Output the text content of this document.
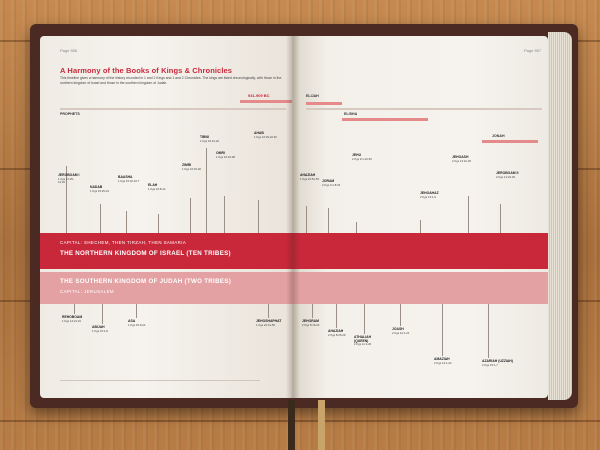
Page 556
A Harmony of the Books of Kings & Chronicles
This timeline gives a harmony of the history recorded in 1 and 2 Kings and 1 and 2 Chronicles. The kings are listed chronologically, with those in the northern kingdom of Israel and those in the southern kingdom of Judah.
931-909 BC
PROPHETS
JEROBOAM I
1 Kgs 12:25-14:20
NADAB
1 Kgs 15:25-31
BAASHA
1 Kgs 15:32-16:7
ELAH
1 Kgs 16:8-14
ZIMRI
1 Kgs 16:15-20
TIBNI
1 Kgs 16:21-22
OMRI
1 Kgs 16:23-28
AHAB
1 Kgs 16:29-22:40
CAPITAL: SHECHEM, THEN TIRZAH, THEN SAMARIA
THE NORTHERN KINGDOM OF ISRAEL (TEN TRIBES)
THE SOUTHERN KINGDOM OF JUDAH (TWO TRIBES)
CAPITAL: JERUSALEM
REHOBOAM
1 Kgs 14:21-31
ABIJAH
1 Kgs 15:1-8
ASA
1 Kgs 15:9-24
JEHOSHAPHAT
1 Kgs 22:41-50
Page 557
ELIJAH
ELISHA
JONAH
AHAZIAH
1 Kgs 22:51-53
JORAM
2 Kgs 3:1-8:15
JEHU
2 Kgs 9:1-10:36
JEHOAHAZ
2 Kgs 13:1-9
JEHOASH
2 Kgs 13:10-25
JEROBOAM II
2 Kgs 14:23-29
JEHORAM
2 Kgs 8:16-24
AHAZIAH
2 Kgs 8:25-29
ATHALIAH (QUEEN)
2 Kgs 11:1-20
JOASH
2 Kgs 12:1-21
AMAZIAH
2 Kgs 14:1-22	AZARIAH (UZZIAH)
2 Kgs 15:1-7
